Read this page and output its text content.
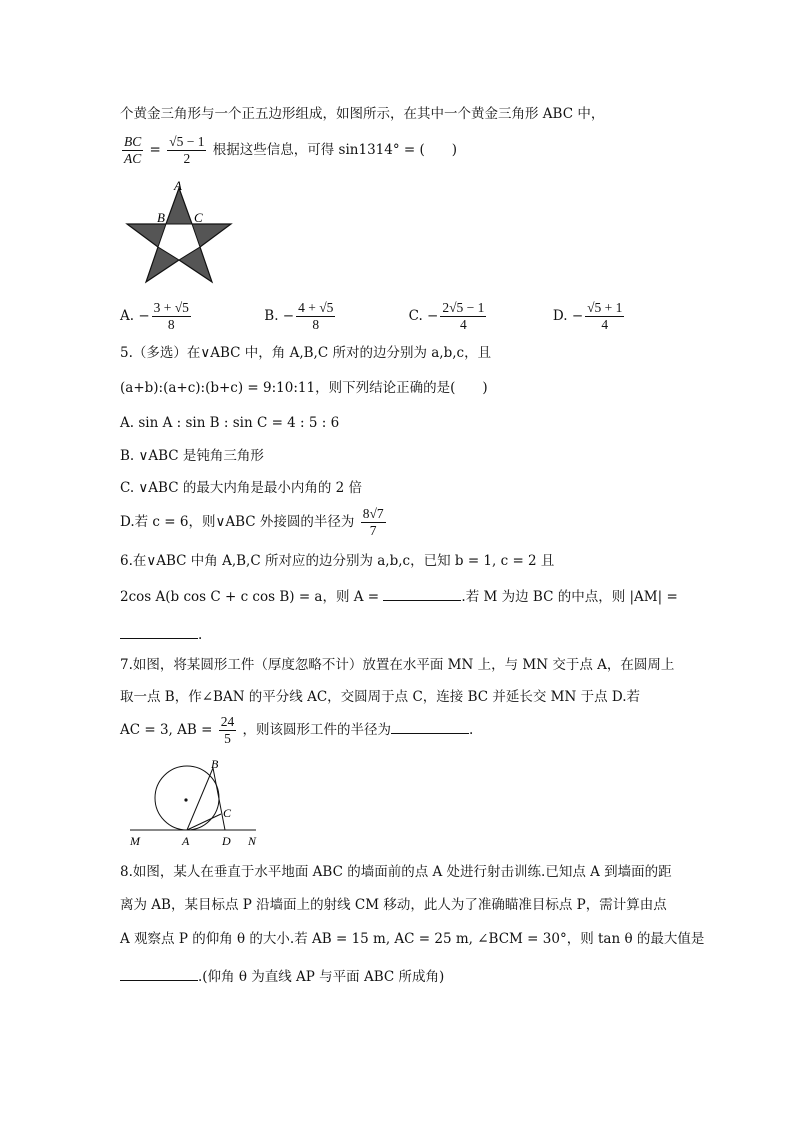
个黄金三角形与一个正五边形组成，如图所示，在其中一个黄金三角形 ABC 中，
$\frac{BC}{AC} = \frac{√5 - 1}{2}$ 根据这些信息，可得 sin1314° = (　　)
A
B C
A. − $\frac{3 + √5}{8}$	B. − $\frac{4 + √5}{8}$	C. − $\frac{2√5 - 1}{4}$	D. − $\frac{√5 + 1}{4}$
5.（多选）在∨ABC 中，角 A,B,C 所对的边分别为 a,b,c，且
(a+b):(a+c):(b+c) = 9:10:11，则下列结论正确的是(　　)
A. sin A : sin B : sin C = 4 : 5 : 6
B. ∨ABC 是钝角三角形
C. ∨ABC 的最大内角是最小内角的 2 倍
D.若 c = 6，则∨ABC 外接圆的半径为 $\frac{8√7}{7}$
6.在∨ABC 中角 A,B,C 所对应的边分别为 a,b,c，已知 b = 1, c = 2 且
2cos A(b cos C + c cos B) = a，则 A =	.若 M 为边 BC 的中点，则 |AM| =
.
7.如图，将某圆形工件（厚度忽略不计）放置在水平面 MN 上，与 MN 交于点 A，在圆周上
取一点 B，作∠BAN 的平分线 AC，交圆周于点 C，连接 BC 并延长交 MN 于点 D.若
AC = 3, AB = $\frac{24}{5}$ ，则该圆形工件的半径为	.
B
C
M	A	D N
8.如图，某人在垂直于水平地面 ABC 的墙面前的点 A 处进行射击训练.已知点 A 到墙面的距
离为 AB，某目标点 P 沿墙面上的射线 CM 移动，此人为了准确瞄准目标点 P，需计算由点
A 观察点 P 的仰角 θ 的大小.若 AB = 15 m, AC = 25 m, ∠BCM = 30°，则 tan θ 的最大值是
.(仰角 θ 为直线 AP 与平面 ABC 所成角)
